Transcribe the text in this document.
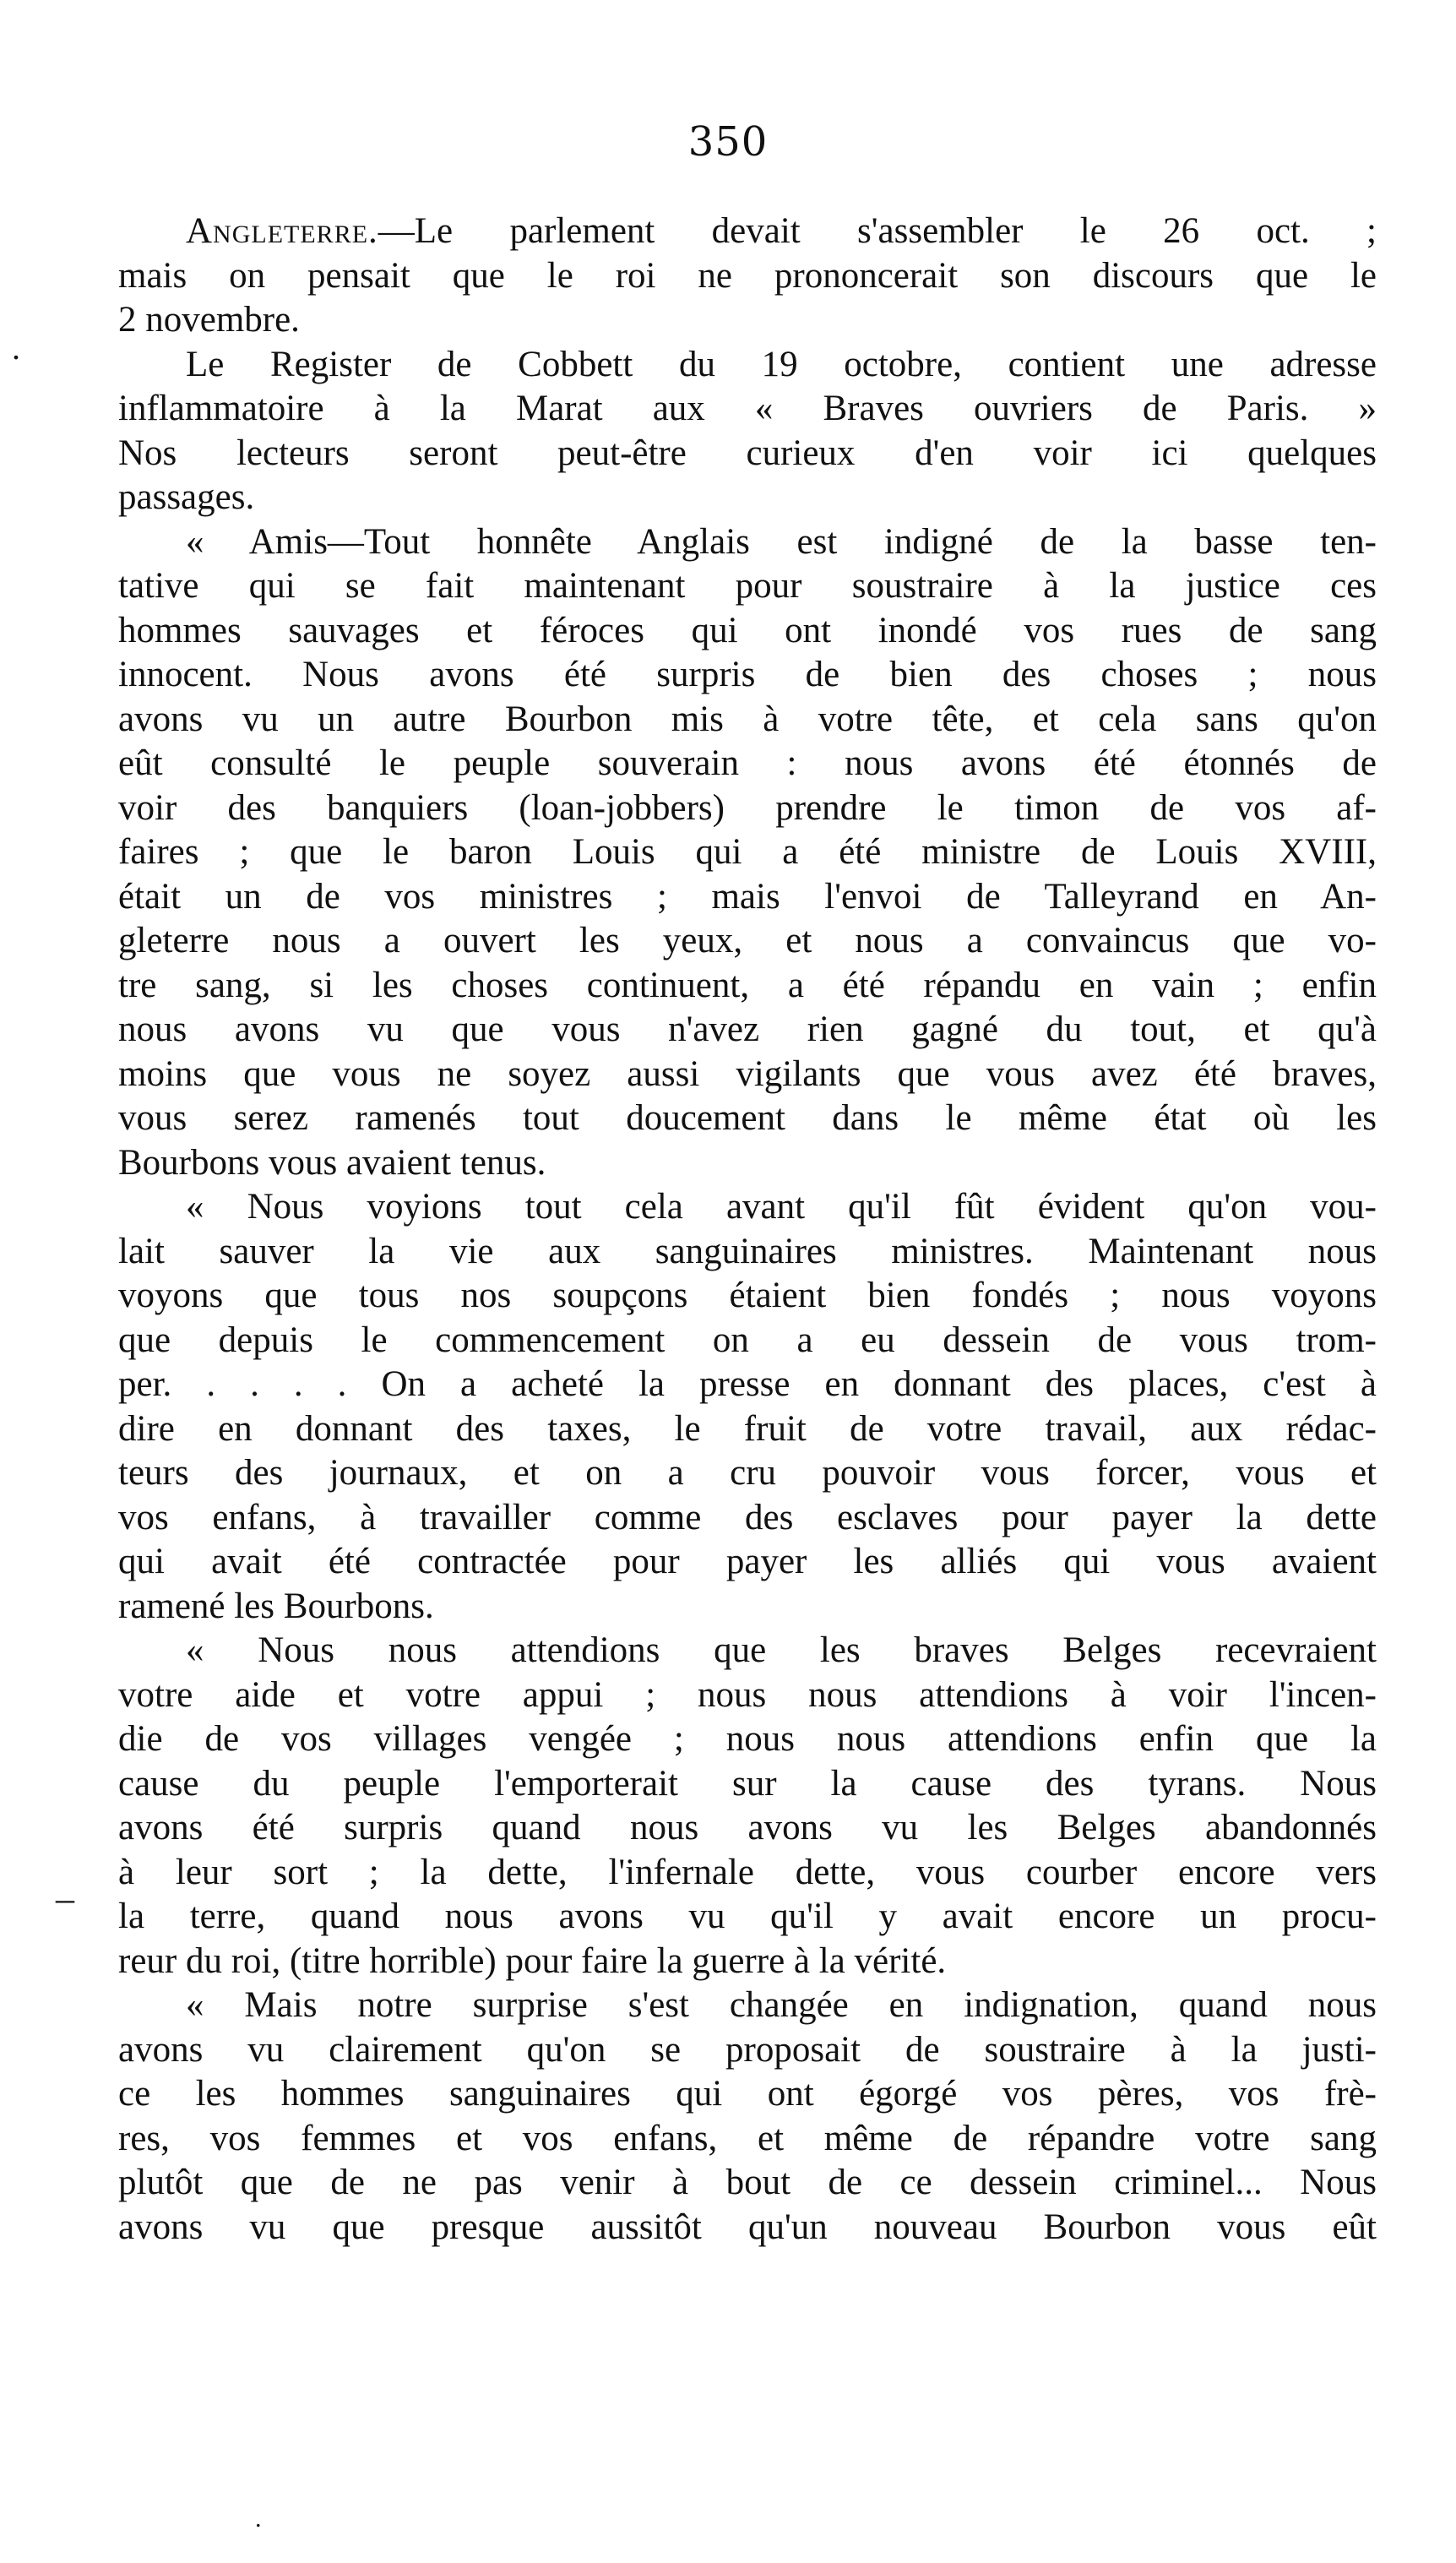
.
–
.
350
Angleterre.—Le parlement devait s'assembler le 26 oct. ;
mais on pensait que le roi ne prononcerait son discours que le
2 novembre.
Le Register de Cobbett du 19 octobre, contient une adresse
inflammatoire à la Marat aux « Braves ouvriers de Paris. »
Nos lecteurs seront peut-être curieux d'en voir ici quelques
passages.
« Amis—Tout honnête Anglais est indigné de la basse ten-
tative qui se fait maintenant pour soustraire à la justice ces
hommes sauvages et féroces qui ont inondé vos rues de sang
innocent. Nous avons été surpris de bien des choses ; nous
avons vu un autre Bourbon mis à votre tête, et cela sans qu'on
eût consulté le peuple souverain : nous avons été étonnés de
voir des banquiers (loan-jobbers) prendre le timon de vos af-
faires ; que le baron Louis qui a été ministre de Louis XVIII,
était un de vos ministres ; mais l'envoi de Talleyrand en An-
gleterre nous a ouvert les yeux, et nous a convaincus que vo-
tre sang, si les choses continuent, a été répandu en vain ; enfin
nous avons vu que vous n'avez rien gagné du tout, et qu'à
moins que vous ne soyez aussi vigilants que vous avez été braves,
vous serez ramenés tout doucement dans le même état où les
Bourbons vous avaient tenus.
« Nous voyions tout cela avant qu'il fût évident qu'on vou-
lait sauver la vie aux sanguinaires ministres. Maintenant nous
voyons que tous nos soupçons étaient bien fondés ; nous voyons
que depuis le commencement on a eu dessein de vous trom-
per. . . . . On a acheté la presse en donnant des places, c'est à
dire en donnant des taxes, le fruit de votre travail, aux rédac-
teurs des journaux, et on a cru pouvoir vous forcer, vous et
vos enfans, à travailler comme des esclaves pour payer la dette
qui avait été contractée pour payer les alliés qui vous avaient
ramené les Bourbons.
« Nous nous attendions que les braves Belges recevraient
votre aide et votre appui ; nous nous attendions à voir l'incen-
die de vos villages vengée ; nous nous attendions enfin que la
cause du peuple l'emporterait sur la cause des tyrans. Nous
avons été surpris quand nous avons vu les Belges abandonnés
à leur sort ; la dette, l'infernale dette, vous courber encore vers
la terre, quand nous avons vu qu'il y avait encore un procu-
reur du roi, (titre horrible) pour faire la guerre à la vérité.
« Mais notre surprise s'est changée en indignation, quand nous
avons vu clairement qu'on se proposait de soustraire à la justi-
ce les hommes sanguinaires qui ont égorgé vos pères, vos frè-
res, vos femmes et vos enfans, et même de répandre votre sang
plutôt que de ne pas venir à bout de ce dessein criminel... Nous
avons vu que presque aussitôt qu'un nouveau Bourbon vous eût
